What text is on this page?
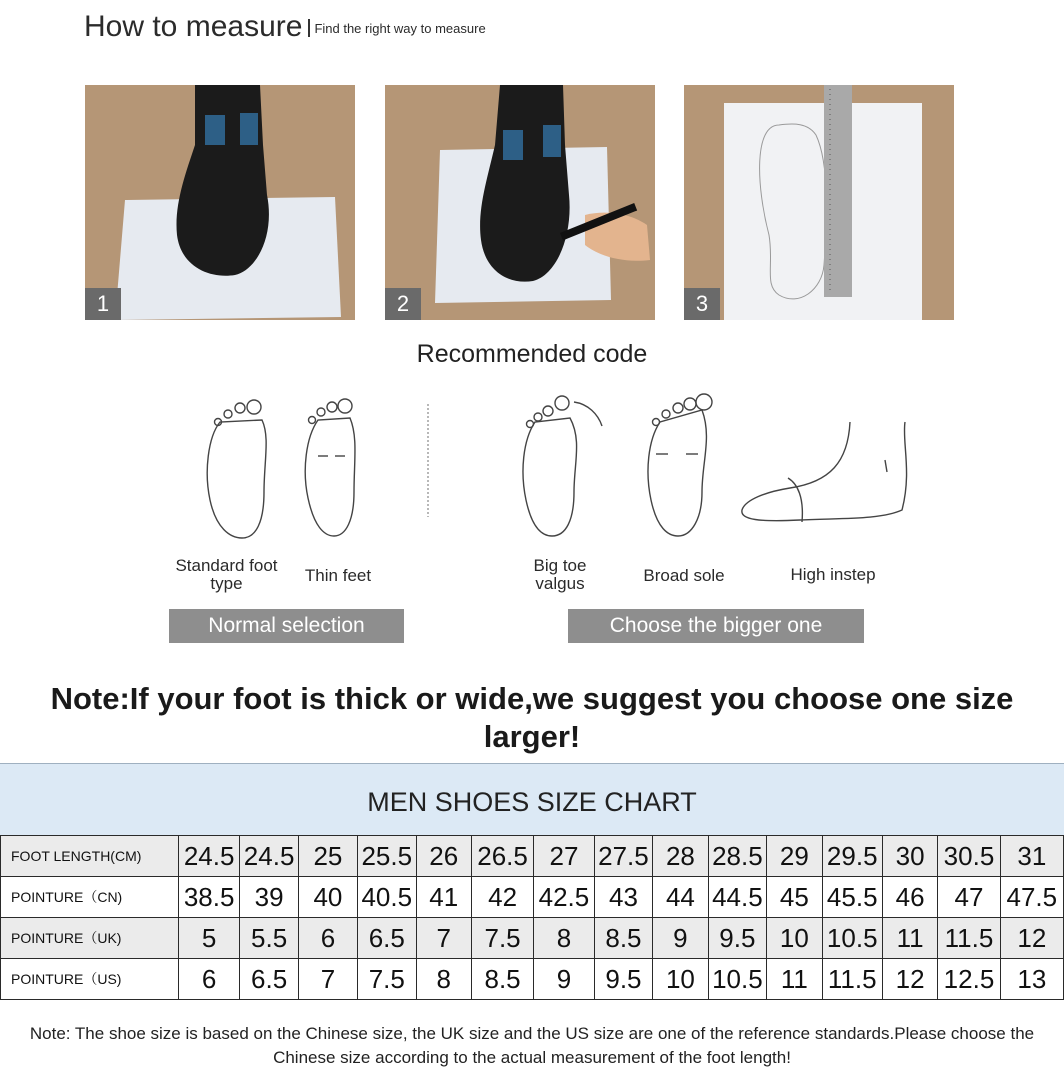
How to measure Find the right way to measure
1	2	3
Recommended code
Standard foot type	Thin feet
Big toe valgus	Broad sole	High instep
Normal selection	Choose the bigger one
Note:If your foot is thick or wide,we suggest you choose one size larger!
MEN SHOES SIZE CHART
FOOT LENGTH(CM)	24.5	24.5	25	25.5	26	26.5	27	27.5	28	28.5	29	29.5	30	30.5	31
POINTURE（CN)	38.5	39	40	40.5	41	42	42.5	43	44	44.5	45	45.5	46	47	47.5
POINTURE（UK)	5	5.5	6	6.5	7	7.5	8	8.5	9	9.5	10	10.5	11	11.5	12
POINTURE（US)	6	6.5	7	7.5	8	8.5	9	9.5	10	10.5	11	11.5	12	12.5	13
Note: The shoe size is based on the Chinese size, the UK size and the US size are one of the reference standards.Please choose the Chinese size according to the actual measurement of the foot length!
